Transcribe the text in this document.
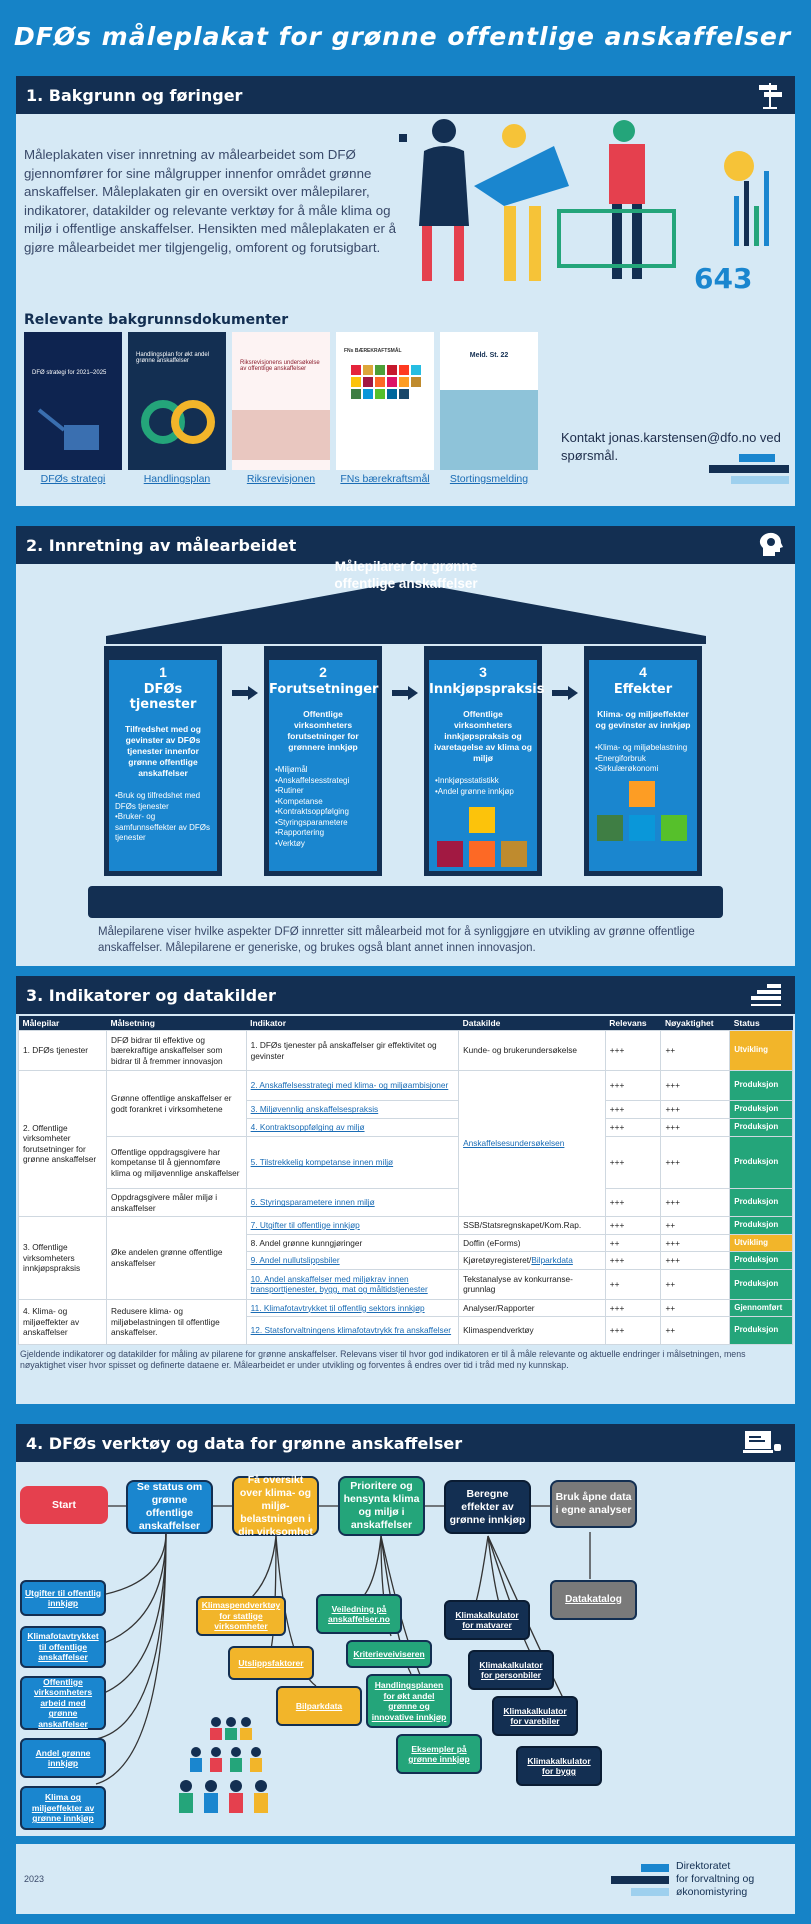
DFØs måleplakat for grønne offentlige anskaffelser
1. Bakgrunn og føringer
Måleplakaten viser innretning av målearbeidet som DFØ gjennomfører for sine målgrupper innenfor området grønne anskaffelser. Måleplakaten gir en oversikt over målepilarer, indikatorer, datakilder og relevante verktøy for å måle klima og miljø i offentlige anskaffelser. Hensikten med måleplakaten er å gjøre målearbeidet mer tilgjengelig, omforent og forutsigbart.
643
Relevante bakgrunnsdokumenter
DFØ strategi for 2021–2025
DFØs strategi
Handlingsplan for økt andel grønne anskaffelser
Handlingsplan
Riksrevisjonens undersøkelse av offentlige anskaffelser
Riksrevisjonen
FNs BÆREKRAFTSMÅL
FNs bærekraftsmål
Meld. St. 22
Stortingsmelding
Kontakt jonas.karstensen@dfo.no ved spørsmål.
2. Innretning av målearbeidet
Målepilarer for grønne offentlige anskaffelser
1
DFØs tjenester
Tilfredshet med og gevinster av DFØs tjenester innenfor grønne offentlige anskaffelser
•Bruk og tilfredshet med DFØs tjenester
•Bruker- og samfunnseffekter av DFØs tjenester
2
Forutsetninger
Offentlige virksomheters forutsetninger for grønnere innkjøp
•Miljømål
•Anskaffelsesstrategi
•Rutiner
•Kompetanse
•Kontraktsoppfølging
•Styringsparametere
•Rapportering
•Verktøy
3
Innkjøpspraksis
Offentlige virksomheters innkjøpspraksis og ivaretagelse av klima og miljø
•Innkjøpsstatistikk
•Andel grønne innkjøp
4
Effekter
Klima- og miljøeffekter og gevinster av innkjøp
•Klima- og miljøbelastning
•Energiforbruk
•Sirkulærøkonomi
Målepilarene viser hvilke aspekter DFØ innretter sitt målearbeid mot for å synliggjøre en utvikling av grønne offentlige anskaffelser. Målepilarene er generiske, og brukes også blant annet innen innovasjon.
3. Indikatorer og datakilder
Målepilar	Målsetning	Indikator	Datakilde	Relevans	Nøyaktighet	Status
1. DFØs tjenester	DFØ bidrar til effektive og bærekraftige anskaffelser som bidrar til å fremmer innovasjon	1. DFØs tjenester på anskaffelser gir effektivitet og gevinster	Kunde- og brukerundersøkelse	+++	++	Utvikling
2. Offentlige virksomheter forutsetninger for grønne anskaffelser	Grønne offentlige anskaffelser er godt forankret i virksomhetene	2. Anskaffelsesstrategi med klima- og miljøambisjoner	Anskaffelsesundersøkelsen	+++	+++	Produksjon
		3. Miljøvennlig anskaffelsespraksis		+++	+++	Produksjon
		4. Kontraktsoppfølging av miljø		+++	+++	Produksjon
	Offentlige oppdragsgivere har kompetanse til å gjennomføre klima og miljøvennlige anskaffelser	5. Tilstrekkelig kompetanse innen miljø		+++	+++	Produksjon
	Oppdragsgivere måler miljø i anskaffelser	6. Styringsparametere innen miljø		+++	+++	Produksjon

3. Offentlige virksomheters innkjøpspraksis	Øke andelen grønne offentlige anskaffelser	7. Utgifter til offentlige innkjøp	SSB/Statsregnskapet/Kom.Rap.	+++	++	Produksjon
		8. Andel grønne kunngjøringer	Doffin (eForms)	++	+++	Utvikling
		9. Andel nullutslippsbiler	Kjøretøyregisteret/Bilparkdata	+++	+++	Produksjon
		10. Andel anskaffelser med miljøkrav innen transporttjenester, bygg, mat og måltidstjenester	Tekstanalyse av konkurranse-grunnlag	++	++	Produksjon
4. Klima- og miljøeffekter av anskaffelser	Redusere klima- og miljøbelastningen til offentlige anskaffelser.	11. Klimafotavtrykket til offentlig sektors innkjøp	Analyser/Rapporter	+++	++	Gjennomført
		12. Statsforvaltningens klimafotavtrykk fra anskaffelser	Klimaspendverktøy	+++	++	Produksjon
Gjeldende indikatorer og datakilder for måling av pilarene for grønne anskaffelser. Relevans viser til hvor god indikatoren er til å måle relevante og aktuelle endringer i målsetningen, mens nøyaktighet viser hvor spisset og definerte dataene er. Målearbeidet er under utvikling og forventes å endres over tid i tråd med ny kunnskap.
4. DFØs verktøy og data for grønne anskaffelser
Start
Se status om grønne offentlige anskaffelser
Få oversikt over klima- og miljø-belastningen i din virksomhet
Prioritere og hensynta klima og miljø i anskaffelser
Beregne effekter av grønne innkjøp
Bruk åpne data i egne analyser
Utgifter til offentlig innkjøp
Klimafotavtrykket til offentlige anskaffelser
Offentlige virksomheters arbeid med grønne anskaffelser
Andel grønne innkjøp
Klima og miljøeffekter av grønne innkjøp
Klimaspendverktøy for statlige virksomheter
Utslippsfaktorer
Bilparkdata
Veiledning på anskaffelser.no
Kriterieveiviseren
Handlingsplanen for økt andel grønne og innovative innkjøp
Eksempler på grønne innkjøp
Klimakalkulator for matvarer
Klimakalkulator for personbiler
Klimakalkulator for varebiler
Klimakalkulator for bygg
Datakatalog
2023
Direktoratet
for forvaltning og
økonomistyring
